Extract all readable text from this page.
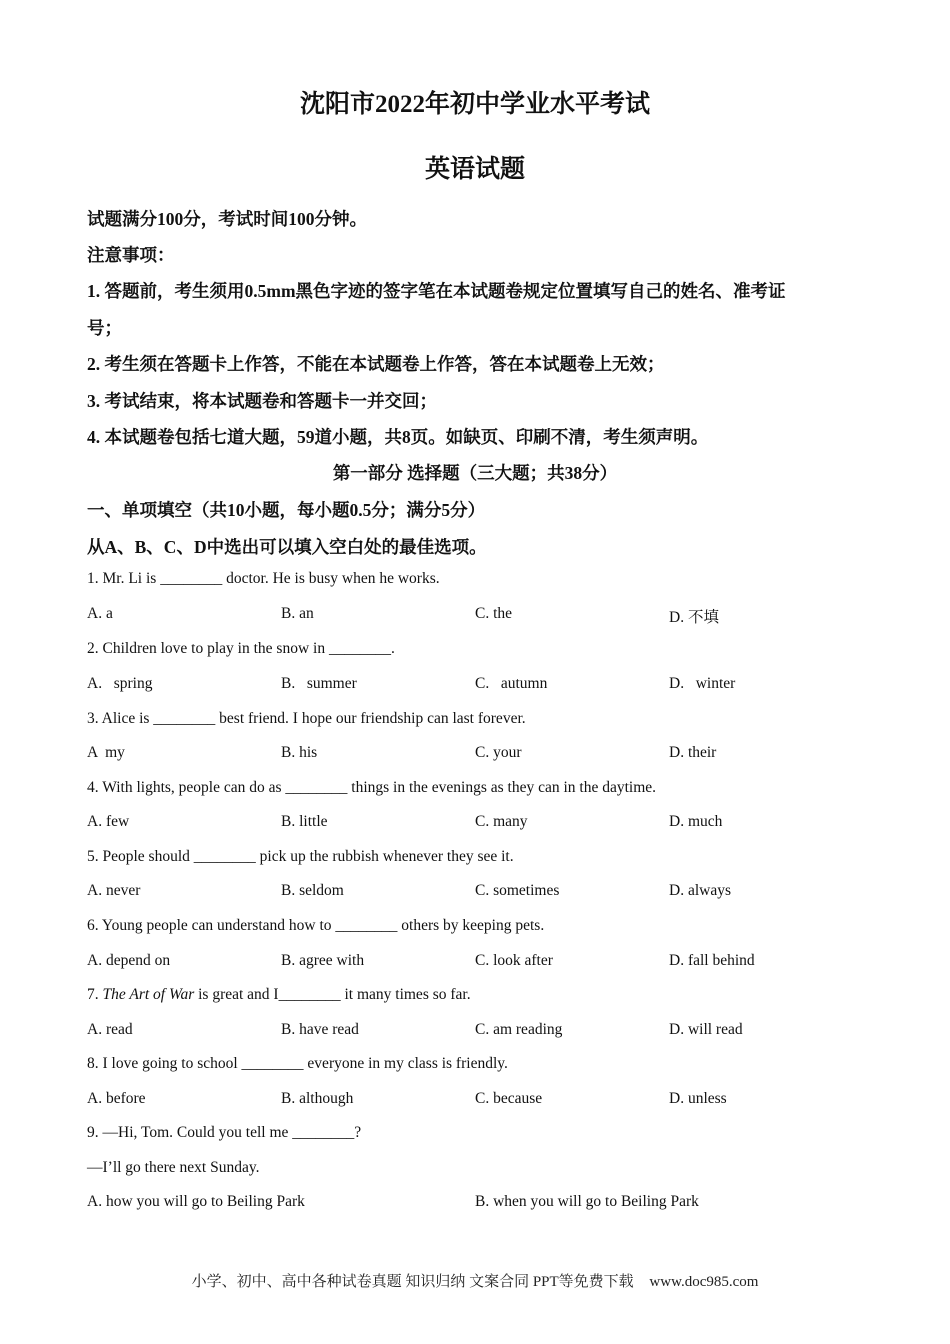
沈阳市2022年初中学业水平考试
英语试题
试题满分100分，考试时间100分钟。
注意事项：
1. 答题前，考生须用0.5mm黑色字迹的签字笔在本试题卷规定位置填写自己的姓名、准考证
号；
2. 考生须在答题卡上作答，不能在本试题卷上作答，答在本试题卷上无效；
3. 考试结束，将本试题卷和答题卡一并交回；
4. 本试题卷包括七道大题，59道小题，共8页。如缺页、印刷不清，考生须声明。
第一部分 选择题（三大题；共38分）
一、单项填空（共10小题，每小题0.5分；满分5分）
从A、B、C、D中选出可以填入空白处的最佳选项。
1. Mr. Li is ________ doctor. He is busy when he works.
A. a	B. an	C. the	D. 不填
2. Children love to play in the snow in ________.
A.   spring	B.   summer	C.   autumn	D.   winter
3. Alice is ________ best friend. I hope our friendship can last forever.
A  my	B. his	C. your	D. their
4. With lights, people can do as ________ things in the evenings as they can in the daytime.
A. few	B. little	C. many	D. much
5. People should ________ pick up the rubbish whenever they see it.
A. never	B. seldom	C. sometimes	D. always
6. Young people can understand how to ________ others by keeping pets.
A. depend on	B. agree with	C. look after	D. fall behind
7. The Art of War is great and I________ it many times so far.
A. read	B. have read	C. am reading	D. will read
8. I love going to school ________ everyone in my class is friendly.
A. before	B. although	C. because	D. unless
9. —Hi, Tom. Could you tell me ________?
—I’ll go there next Sunday.
A. how you will go to Beiling Park	B. when you will go to Beiling Park
小学、初中、高中各种试卷真题 知识归纳 文案合同 PPT等免费下载 www.doc985.com
